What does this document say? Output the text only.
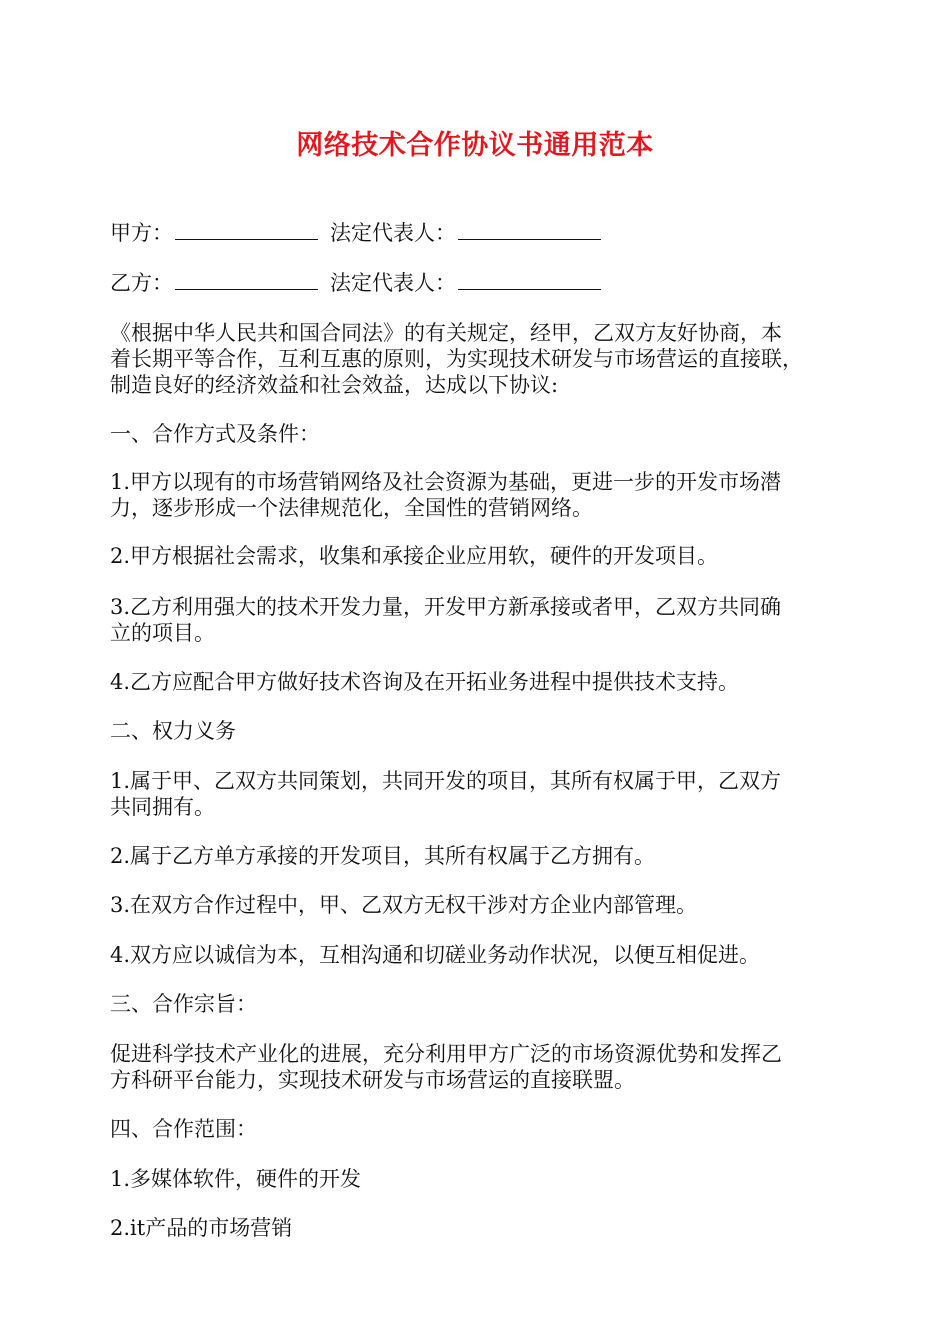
网络技术合作协议书通用范本
甲方：	法定代表人：
乙方：	法定代表人：
《根据中华人民共和国合同法》的有关规定，经甲，乙双方友好协商，本
着长期平等合作，互利互惠的原则，为实现技术研发与市场营运的直接联，
制造良好的经济效益和社会效益，达成以下协议:
一、合作方式及条件：
1.甲方以现有的市场营销网络及社会资源为基础，更进一步的开发市场潜
力，逐步形成一个法律规范化，全国性的营销网络。
2.甲方根据社会需求，收集和承接企业应用软，硬件的开发项目。
3.乙方利用强大的技术开发力量，开发甲方新承接或者甲，乙双方共同确
立的项目。
4.乙方应配合甲方做好技术咨询及在开拓业务进程中提供技术支持。
二、权力义务
1.属于甲、乙双方共同策划，共同开发的项目，其所有权属于甲，乙双方
共同拥有。
2.属于乙方单方承接的开发项目，其所有权属于乙方拥有。
3.在双方合作过程中，甲、乙双方无权干涉对方企业内部管理。
4.双方应以诚信为本，互相沟通和切磋业务动作状况，以便互相促进。
三、合作宗旨：
促进科学技术产业化的进展，充分利用甲方广泛的市场资源优势和发挥乙
方科研平台能力，实现技术研发与市场营运的直接联盟。
四、合作范围：
1.多媒体软件，硬件的开发
2.it产品的市场营销
